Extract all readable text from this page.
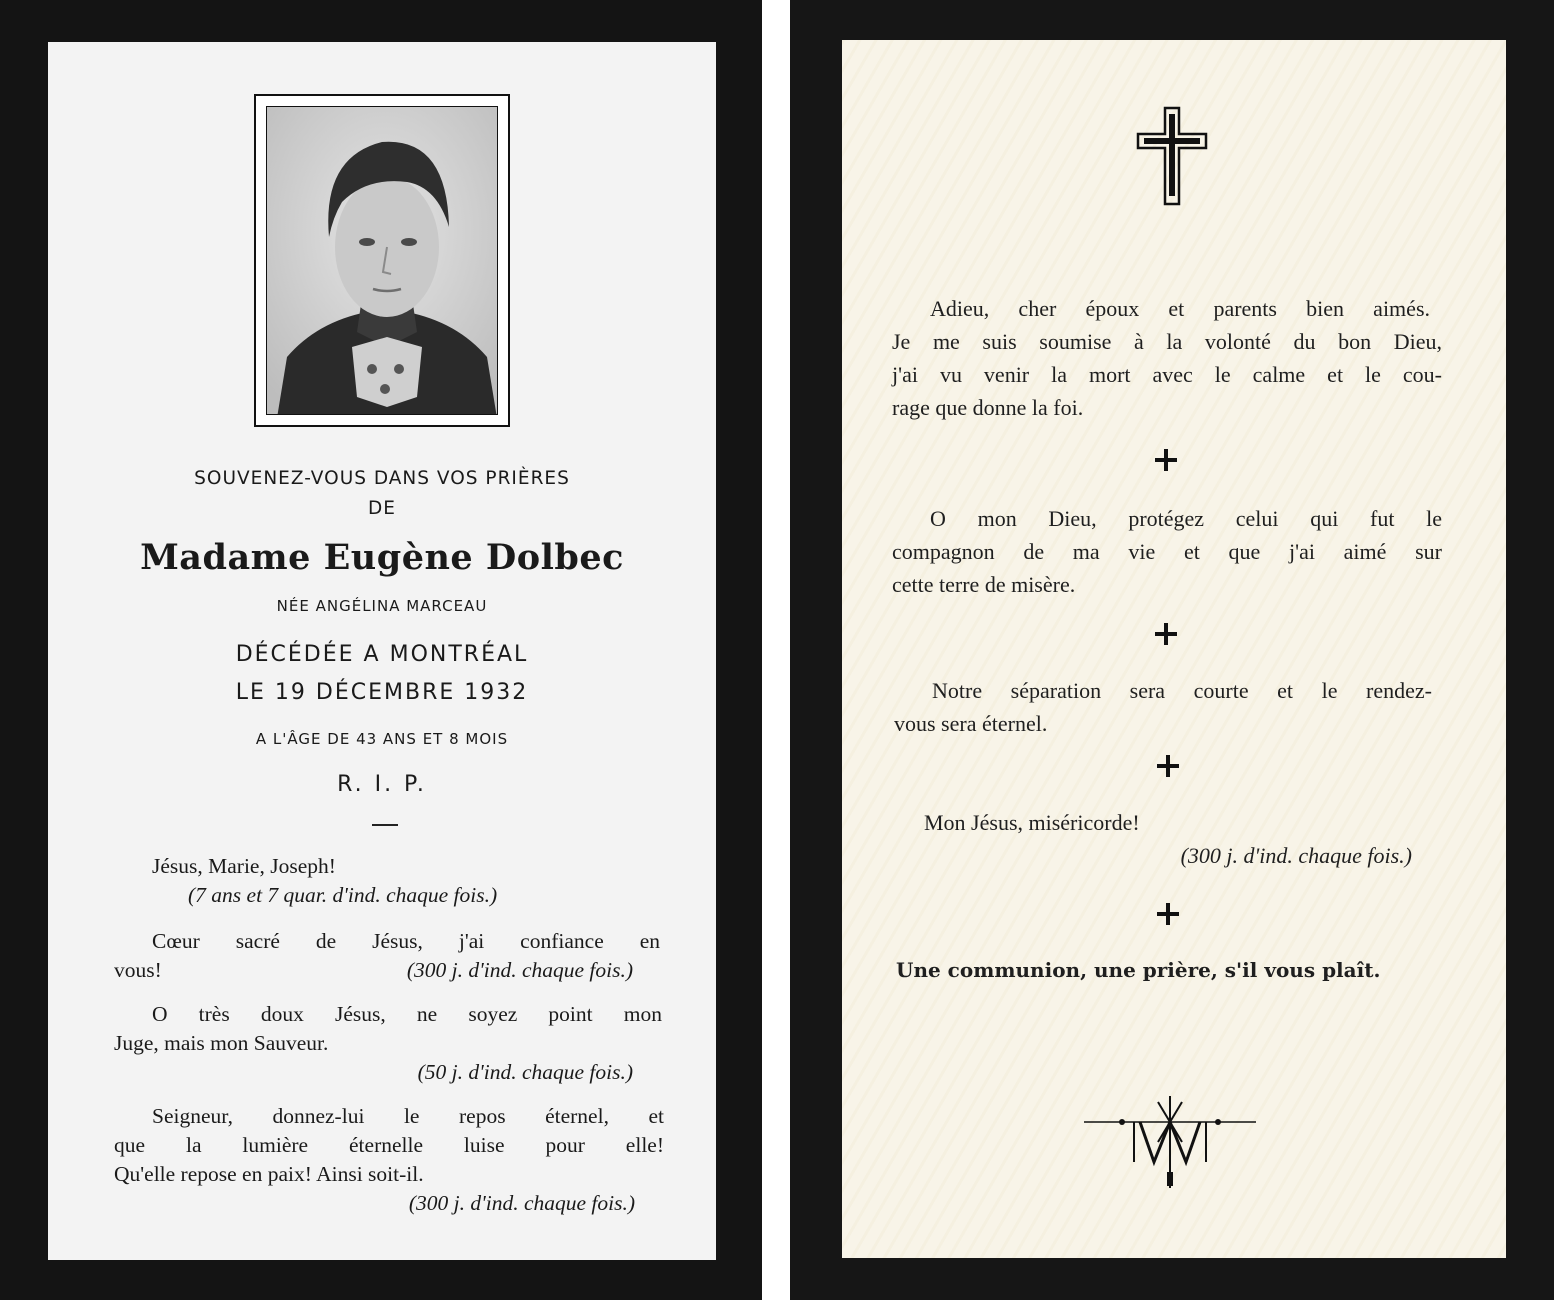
SOUVENEZ-VOUS DANS VOS PRIÈRES
DE
Madame Eugène Dolbec
NÉE ANGÉLINA MARCEAU
DÉCÉDÉE A MONTRÉAL
LE 19 DÉCEMBRE 1932
A L'ÂGE DE 43 ANS ET 8 MOIS
R. I. P.
Jésus, Marie, Joseph!
(7 ans et 7 quar. d'ind. chaque fois.)
Cœur sacré de Jésus, j'ai confiance en
vous!	(300 j. d'ind. chaque fois.)
O très doux Jésus, ne soyez point mon
Juge, mais mon Sauveur.
(50 j. d'ind. chaque fois.)
Seigneur, donnez-lui le repos éternel, et
que la lumière éternelle luise pour elle!
Qu'elle repose en paix! Ainsi soit-il.
(300 j. d'ind. chaque fois.)
Adieu, cher époux et parents bien aimés.
Je me suis soumise à la volonté du bon Dieu,
j'ai vu venir la mort avec le calme et le cou-
rage que donne la foi.
O mon Dieu, protégez celui qui fut le
compagnon de ma vie et que j'ai aimé sur
cette terre de misère.
Notre séparation sera courte et le rendez-
vous sera éternel.
Mon Jésus, miséricorde!
(300 j. d'ind. chaque fois.)
Une communion, une prière, s'il vous plaît.
